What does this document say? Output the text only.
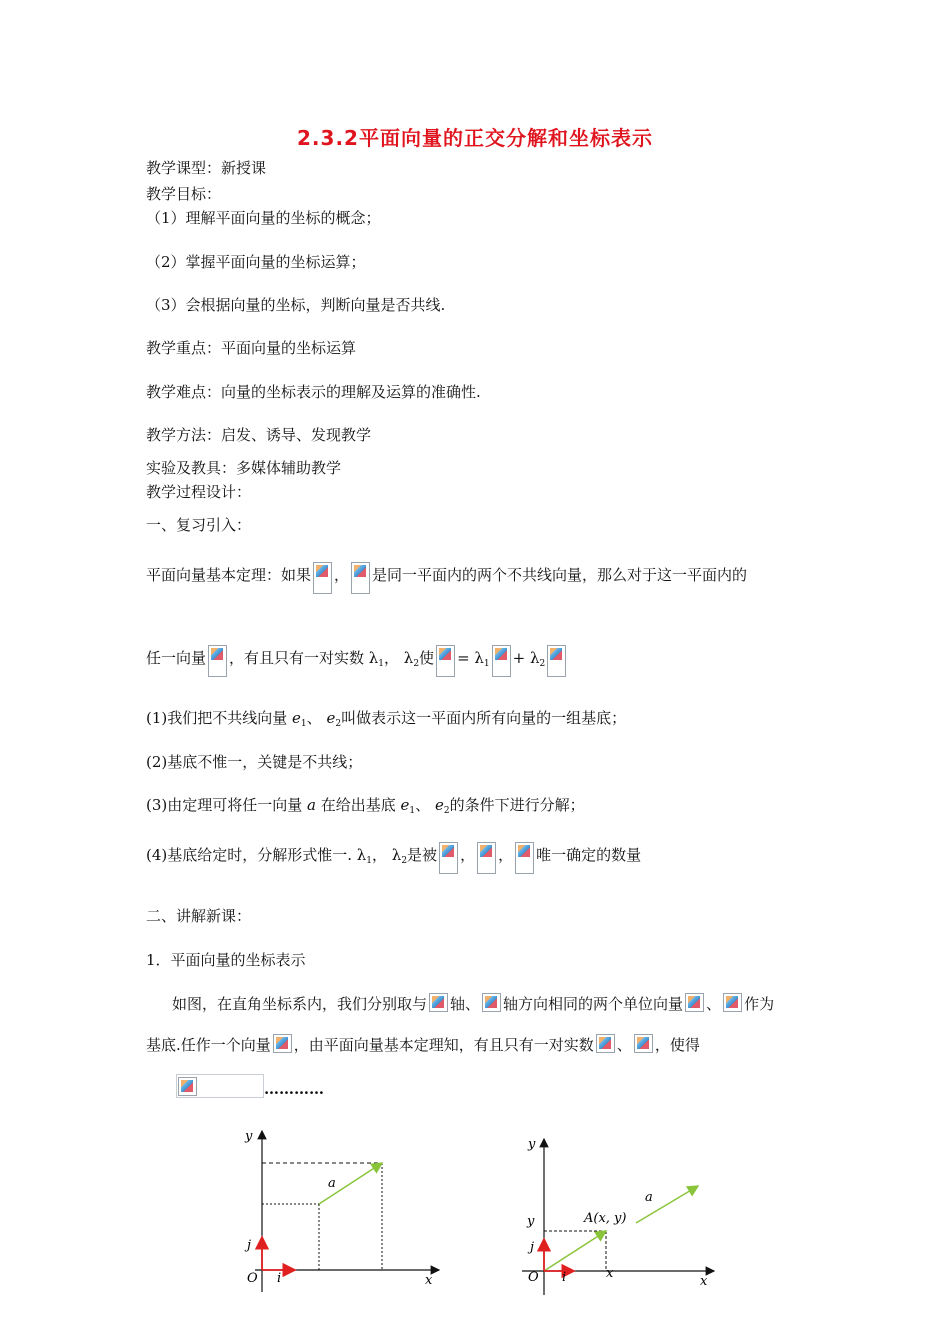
2.3.2平面向量的正交分解和坐标表示
教学课型：新授课
教学目标：
（1）理解平面向量的坐标的概念；
（2）掌握平面向量的坐标运算；
（3）会根据向量的坐标，判断向量是否共线.
教学重点：平面向量的坐标运算
教学难点：向量的坐标表示的理解及运算的准确性.
教学方法：启发、诱导、发现教学
实验及教具：多媒体辅助教学
教学过程设计：
一、复习引入：
平面向量基本定理：如果 ， 是同一平面内的两个不共线向量，那么对于这一平面内的
任一向量 ，有且只有一对实数 $\lambda_1$， $\lambda_2$使 = $\lambda_1 + \lambda_2$
(1)我们把不共线向量 $e_1$、 $e_2$叫做表示这一平面内所有向量的一组基底；
(2)基底不惟一，关键是不共线；
(3)由定理可将任一向量 a 在给出基底 $e_1$、 $e_2$的条件下进行分解；
(4)基底给定时，分解形式惟一. $\lambda_1$， $\lambda_2$是被 ， ， 唯一确定的数量
二、讲解新课：
1．平面向量的坐标表示
如图，在直角坐标系内，我们分别取与 轴、 轴方向相同的两个单位向量 、 作为
基底.任作一个向量 ，由平面向量基本定理知，有且只有一对实数 、 ，使得
…………
y
a
j
O i	x
y
a
A(x, y)
y
j
O i	x
x
